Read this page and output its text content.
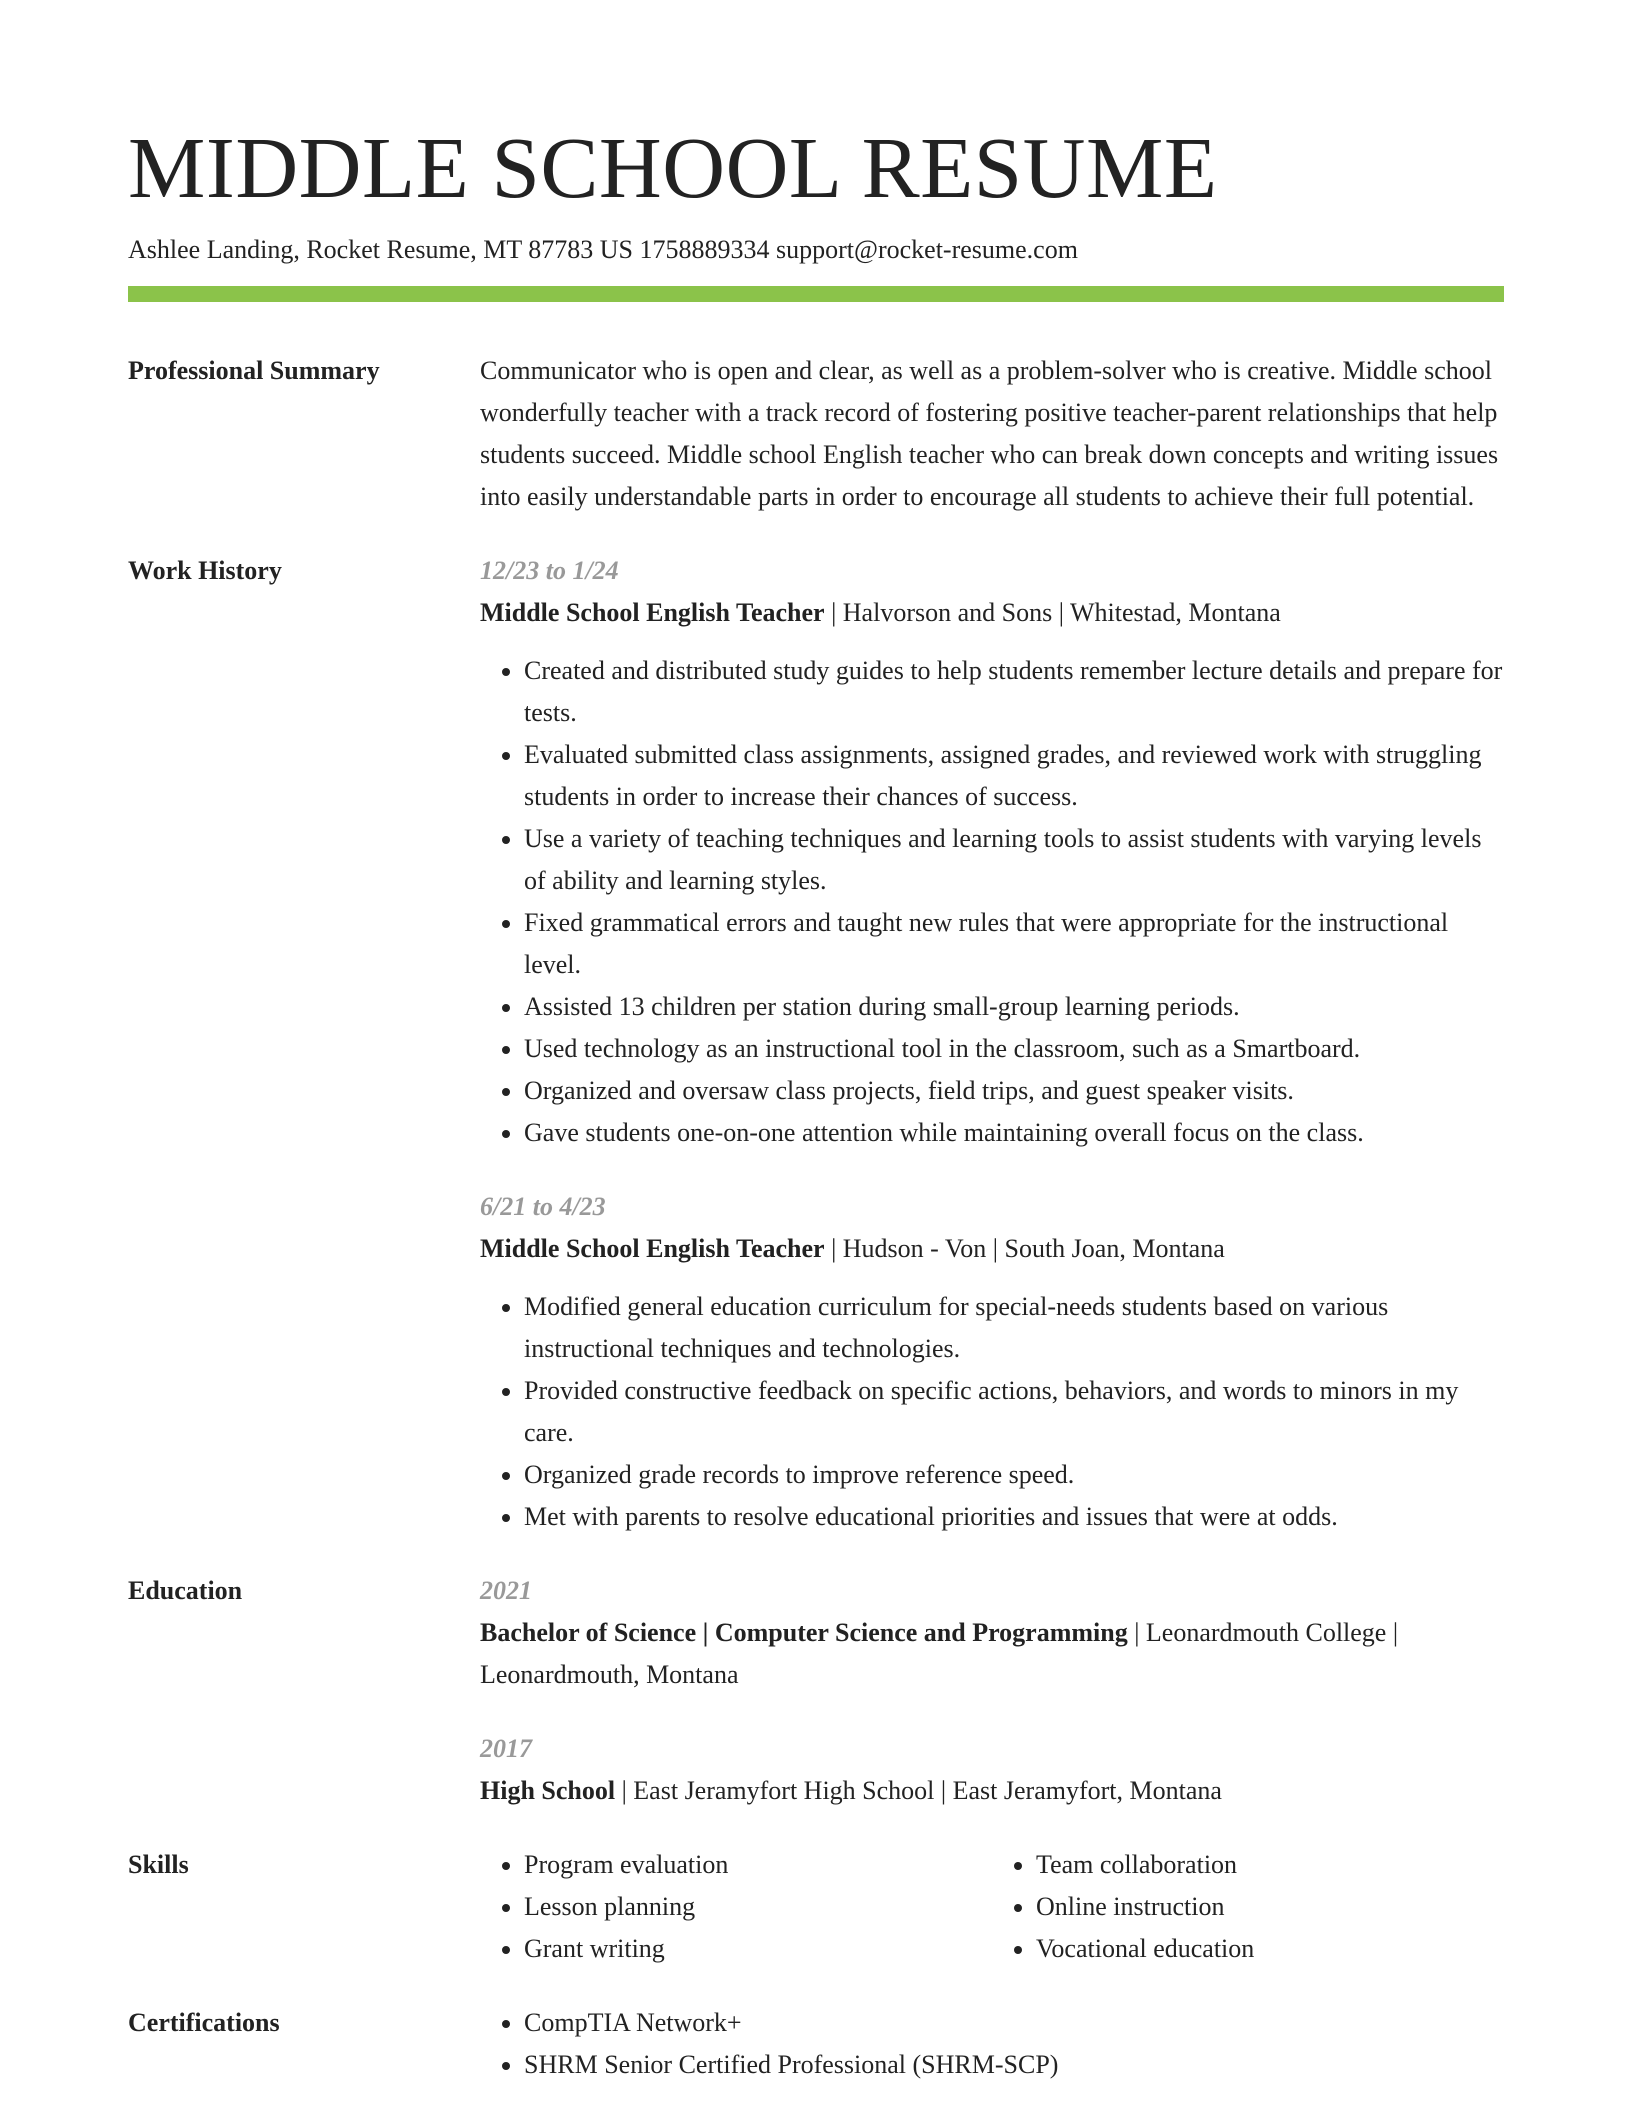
MIDDLE SCHOOL RESUME
Ashlee Landing, Rocket Resume, MT 87783 US 1758889334 support@rocket-resume.com
Professional Summary	Communicator who is open and clear, as well as a problem-solver who is creative. Middle school wonderfully teacher with a track record of fostering positive teacher-parent relationships that help students succeed. Middle school English teacher who can break down concepts and writing issues into easily understandable parts in order to encourage all students to achieve their full potential.

Work History	12/23 to 1/24
Middle School English Teacher | Halvorson and Sons | Whitestad, Montana
• Created and distributed study guides to help students remember lecture details and prepare for tests.
• Evaluated submitted class assignments, assigned grades, and reviewed work with struggling students in order to increase their chances of success.
• Use a variety of teaching techniques and learning tools to assist students with varying levels of ability and learning styles.
• Fixed grammatical errors and taught new rules that were appropriate for the instructional level.
• Assisted 13 children per station during small-group learning periods.
• Used technology as an instructional tool in the classroom, such as a Smartboard.
• Organized and oversaw class projects, field trips, and guest speaker visits.
• Gave students one-on-one attention while maintaining overall focus on the class.
6/21 to 4/23
Middle School English Teacher | Hudson - Von | South Joan, Montana
• Modified general education curriculum for special-needs students based on various instructional techniques and technologies.
• Provided constructive feedback on specific actions, behaviors, and words to minors in my care.
• Organized grade records to improve reference speed.
• Met with parents to resolve educational priorities and issues that were at odds.
Education	2021
Bachelor of Science | Computer Science and Programming | Leonardmouth College | Leonardmouth, Montana
2017
High School | East Jeramyfort High School | East Jeramyfort, Montana
Skills	• Program evaluation
• Lesson planning
• Grant writing
• Team collaboration
• Online instruction
• Vocational education
Certifications	• CompTIA Network+
• SHRM Senior Certified Professional (SHRM-SCP)
